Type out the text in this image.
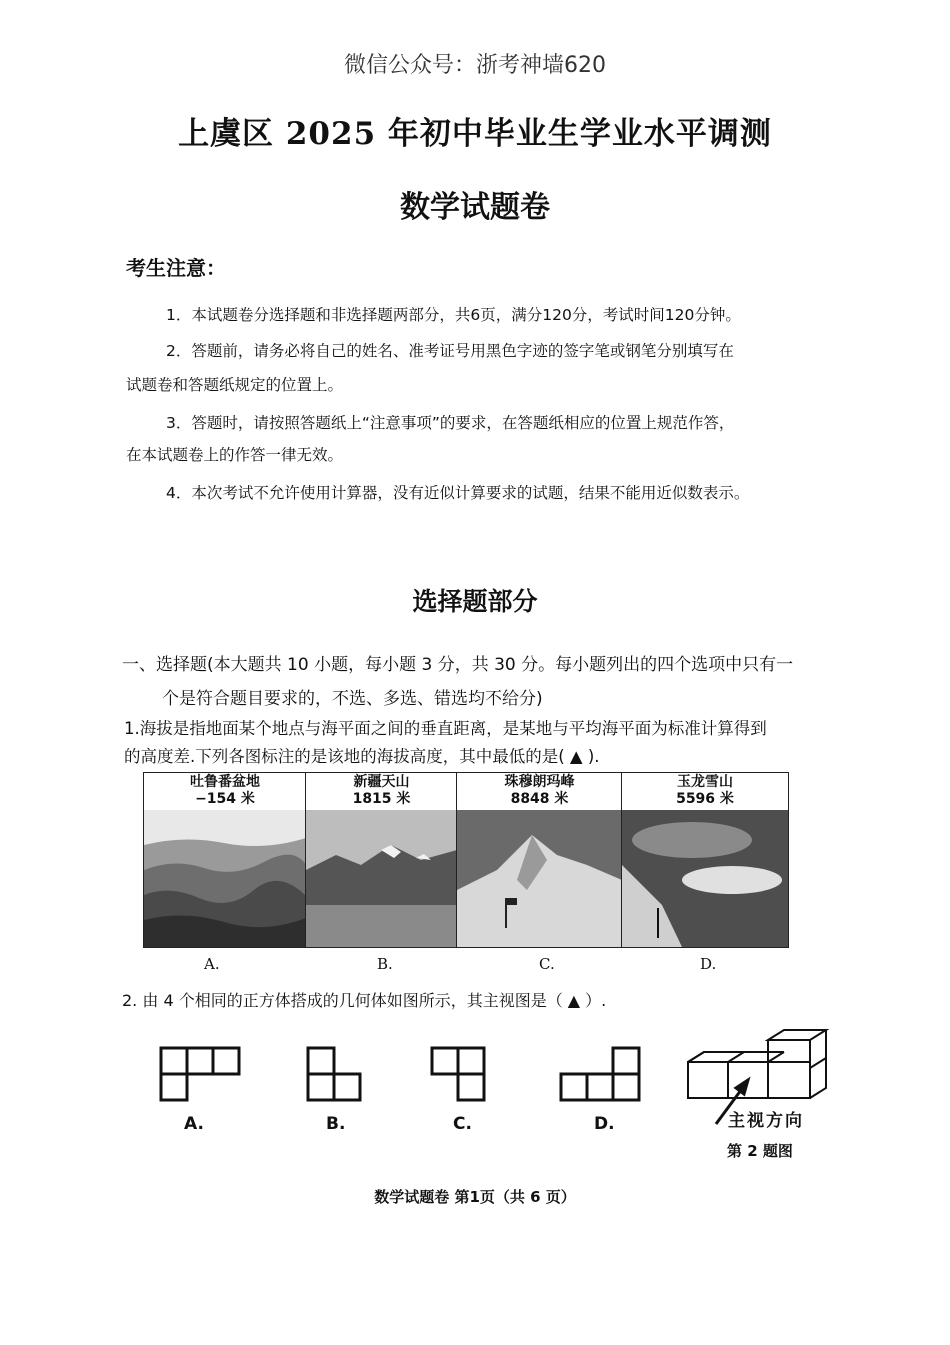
微信公众号：浙考神墙620
上虞区 2025 年初中毕业生学业水平调测
数学试题卷
考生注意：
1．本试题卷分选择题和非选择题两部分，共6页，满分120分，考试时间120分钟。
2．答题前，请务必将自己的姓名、准考证号用黑色字迹的签字笔或钢笔分别填写在
试题卷和答题纸规定的位置上。
3．答题时，请按照答题纸上“注意事项”的要求，在答题纸相应的位置上规范作答，
在本试题卷上的作答一律无效。
4．本次考试不允许使用计算器，没有近似计算要求的试题，结果不能用近似数表示。
选择题部分
一、选择题(本大题共 10 小题，每小题 3 分，共 30 分。每小题列出的四个选项中只有一
个是符合题目要求的，不选、多选、错选均不给分)
1.海拔是指地面某个地点与海平面之间的垂直距离，是某地与平均海平面为标准计算得到
的高度差.下列各图标注的是该地的海拔高度，其中最低的是( ▲ ).
吐鲁番盆地
−154 米
新疆天山
1815 米
珠穆朗玛峰
8848 米
玉龙雪山
5596 米
A.	B.	C.	D.
2. 由 4 个相同的正方体搭成的几何体如图所示，其主视图是（ ▲ ）.
A.	B.	C.	D.	主视方向
第 2 题图
数学试题卷 第1页（共 6 页）
